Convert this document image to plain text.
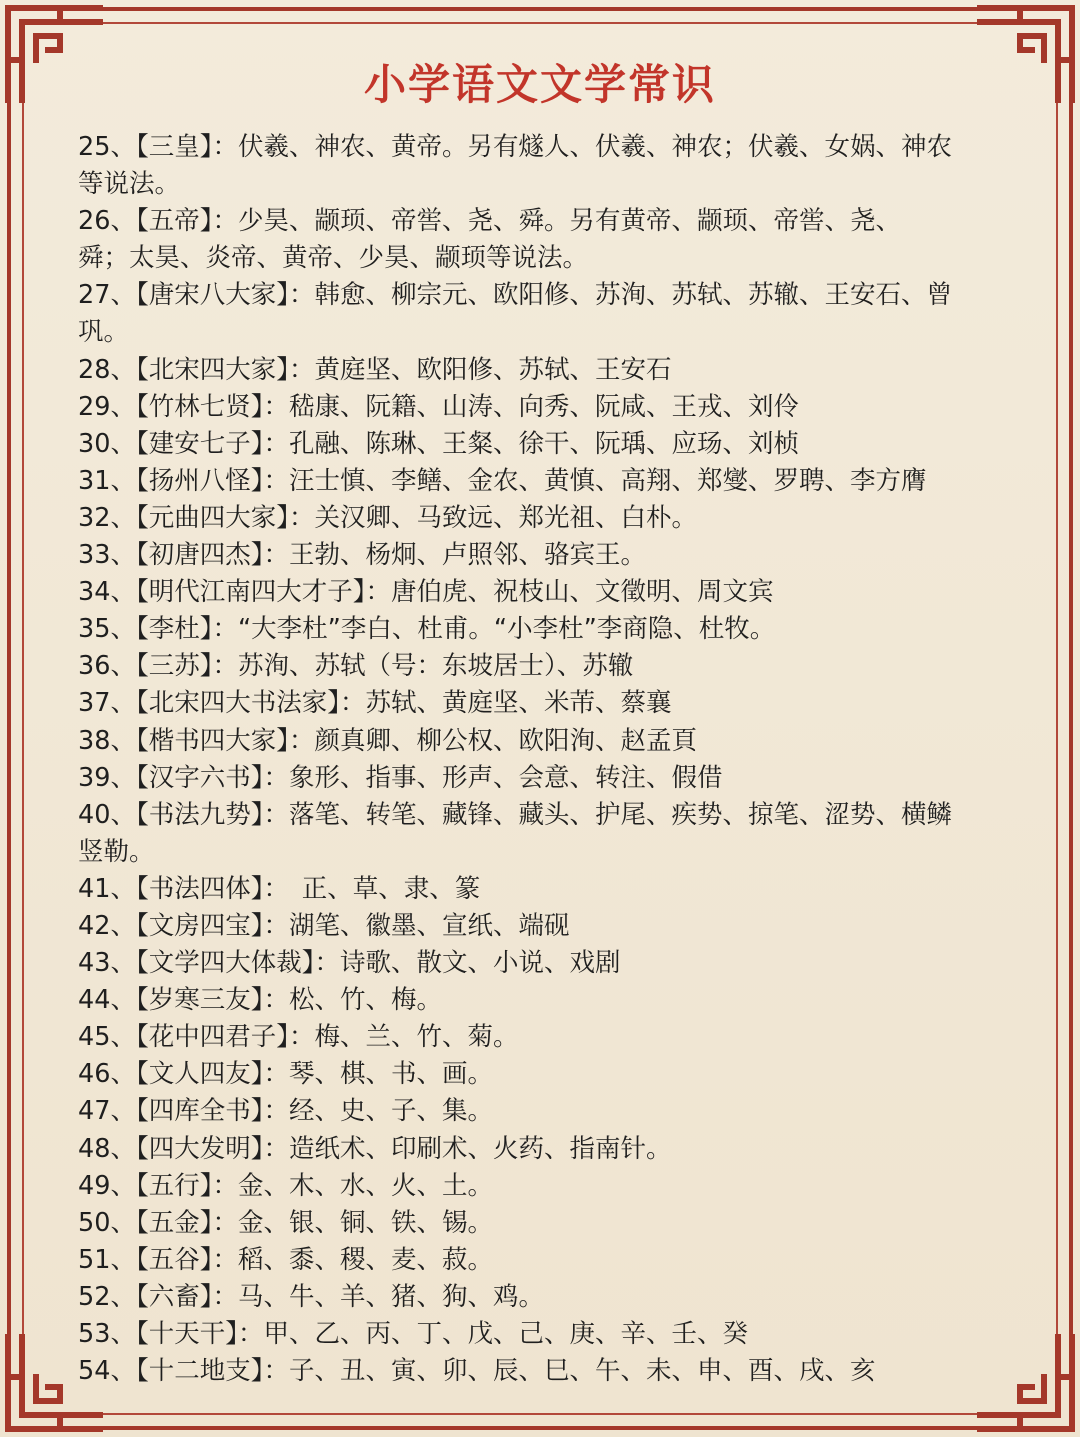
小学语文文学常识
25、【三皇】：伏羲、神农、黄帝。另有燧人、伏羲、神农；伏羲、女娲、神农
等说法。
26、【五帝】：少昊、颛顼、帝喾、尧、舜。另有黄帝、颛顼、帝喾、尧、
舜；太昊、炎帝、黄帝、少昊、颛顼等说法。
27、【唐宋八大家】：韩愈、柳宗元、欧阳修、苏洵、苏轼、苏辙、王安石、曾
巩。
28、【北宋四大家】：黄庭坚、欧阳修、苏轼、王安石
29、【竹林七贤】：嵇康、阮籍、山涛、向秀、阮咸、王戎、刘伶
30、【建安七子】：孔融、陈琳、王粲、徐干、阮瑀、应玚、刘桢
31、【扬州八怪】：汪士慎、李鳝、金农、黄慎、高翔、郑燮、罗聘、李方膺
32、【元曲四大家】：关汉卿、马致远、郑光祖、白朴。
33、【初唐四杰】：王勃、杨炯、卢照邻、骆宾王。
34、【明代江南四大才子】：唐伯虎、祝枝山、文徵明、周文宾
35、【李杜】：“大李杜”李白、杜甫。“小李杜”李商隐、杜牧。
36、【三苏】：苏洵、苏轼（号：东坡居士）、苏辙
37、【北宋四大书法家】：苏轼、黄庭坚、米芾、蔡襄
38、【楷书四大家】：颜真卿、柳公权、欧阳洵、赵孟頁
39、【汉字六书】：象形、指事、形声、会意、转注、假借
40、【书法九势】：落笔、转笔、藏锋、藏头、护尾、疾势、掠笔、涩势、横鳞
竖勒。
41、【书法四体】：　正、草、隶、篆
42、【文房四宝】：湖笔、徽墨、宣纸、端砚
43、【文学四大体裁】：诗歌、散文、小说、戏剧
44、【岁寒三友】：松、竹、梅。
45、【花中四君子】：梅、兰、竹、菊。
46、【文人四友】：琴、棋、书、画。
47、【四库全书】：经、史、子、集。
48、【四大发明】：造纸术、印刷术、火药、指南针。
49、【五行】：金、木、水、火、土。
50、【五金】：金、银、铜、铁、锡。
51、【五谷】：稻、黍、稷、麦、菽。
52、【六畜】：马、牛、羊、猪、狗、鸡。
53、【十天干】：甲、乙、丙、丁、戊、己、庚、辛、壬、癸
54、【十二地支】：子、丑、寅、卯、辰、巳、午、未、申、酉、戌、亥
